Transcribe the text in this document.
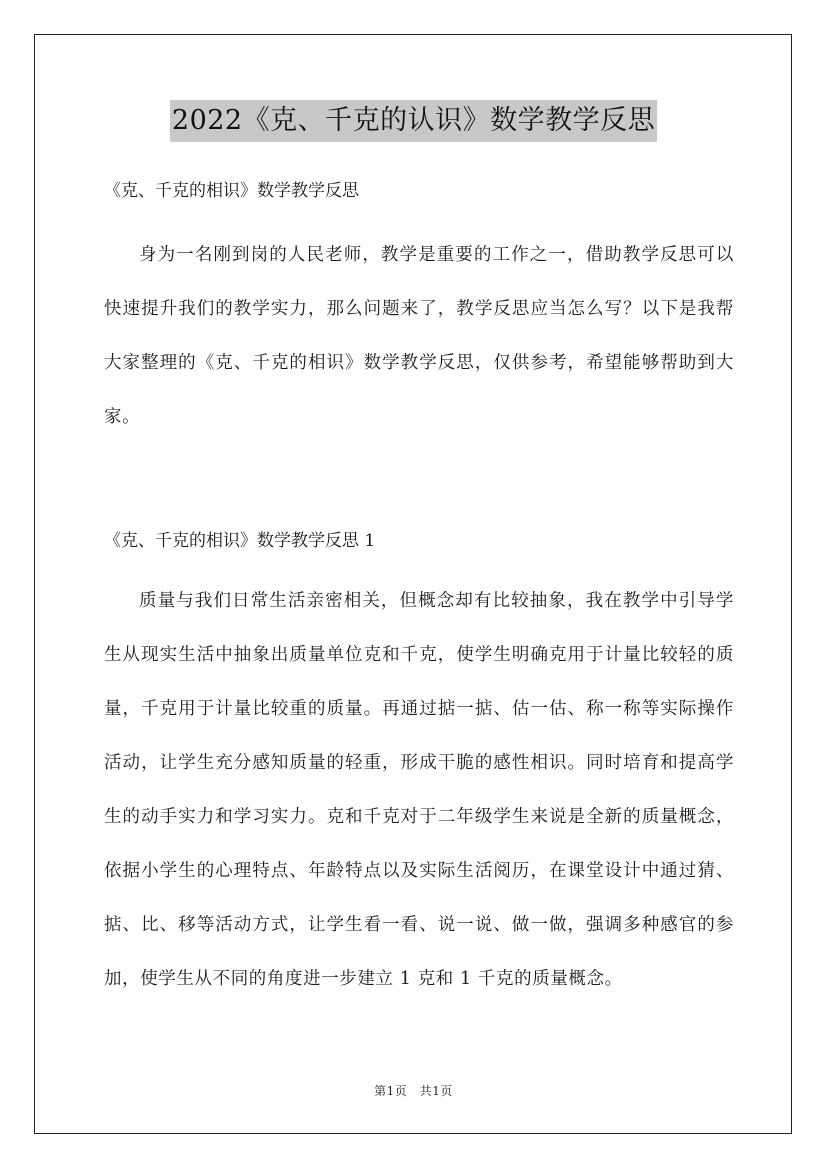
2022《克、千克的认识》数学教学反思

《克、千克的相识》数学教学反思

身为一名刚到岗的人民老师，教学是重要的工作之一，借助教学反思可以快速提升我们的教学实力，那么问题来了，教学反思应当怎么写？以下是我帮大家整理的《克、千克的相识》数学教学反思，仅供参考，希望能够帮助到大家。

《克、千克的相识》数学教学反思 1

质量与我们日常生活亲密相关，但概念却有比较抽象，我在教学中引导学生从现实生活中抽象出质量单位克和千克，使学生明确克用于计量比较轻的质量，千克用于计量比较重的质量。再通过掂一掂、估一估、称一称等实际操作活动，让学生充分感知质量的轻重，形成干脆的感性相识。同时培育和提高学生的动手实力和学习实力。克和千克对于二年级学生来说是全新的质量概念，依据小学生的心理特点、年龄特点以及实际生活阅历，在课堂设计中通过猜、掂、比、移等活动方式，让学生看一看、说一说、做一做，强调多种感官的参加，使学生从不同的角度进一步建立 1 克和 1 千克的质量概念。

第1页　共1页
